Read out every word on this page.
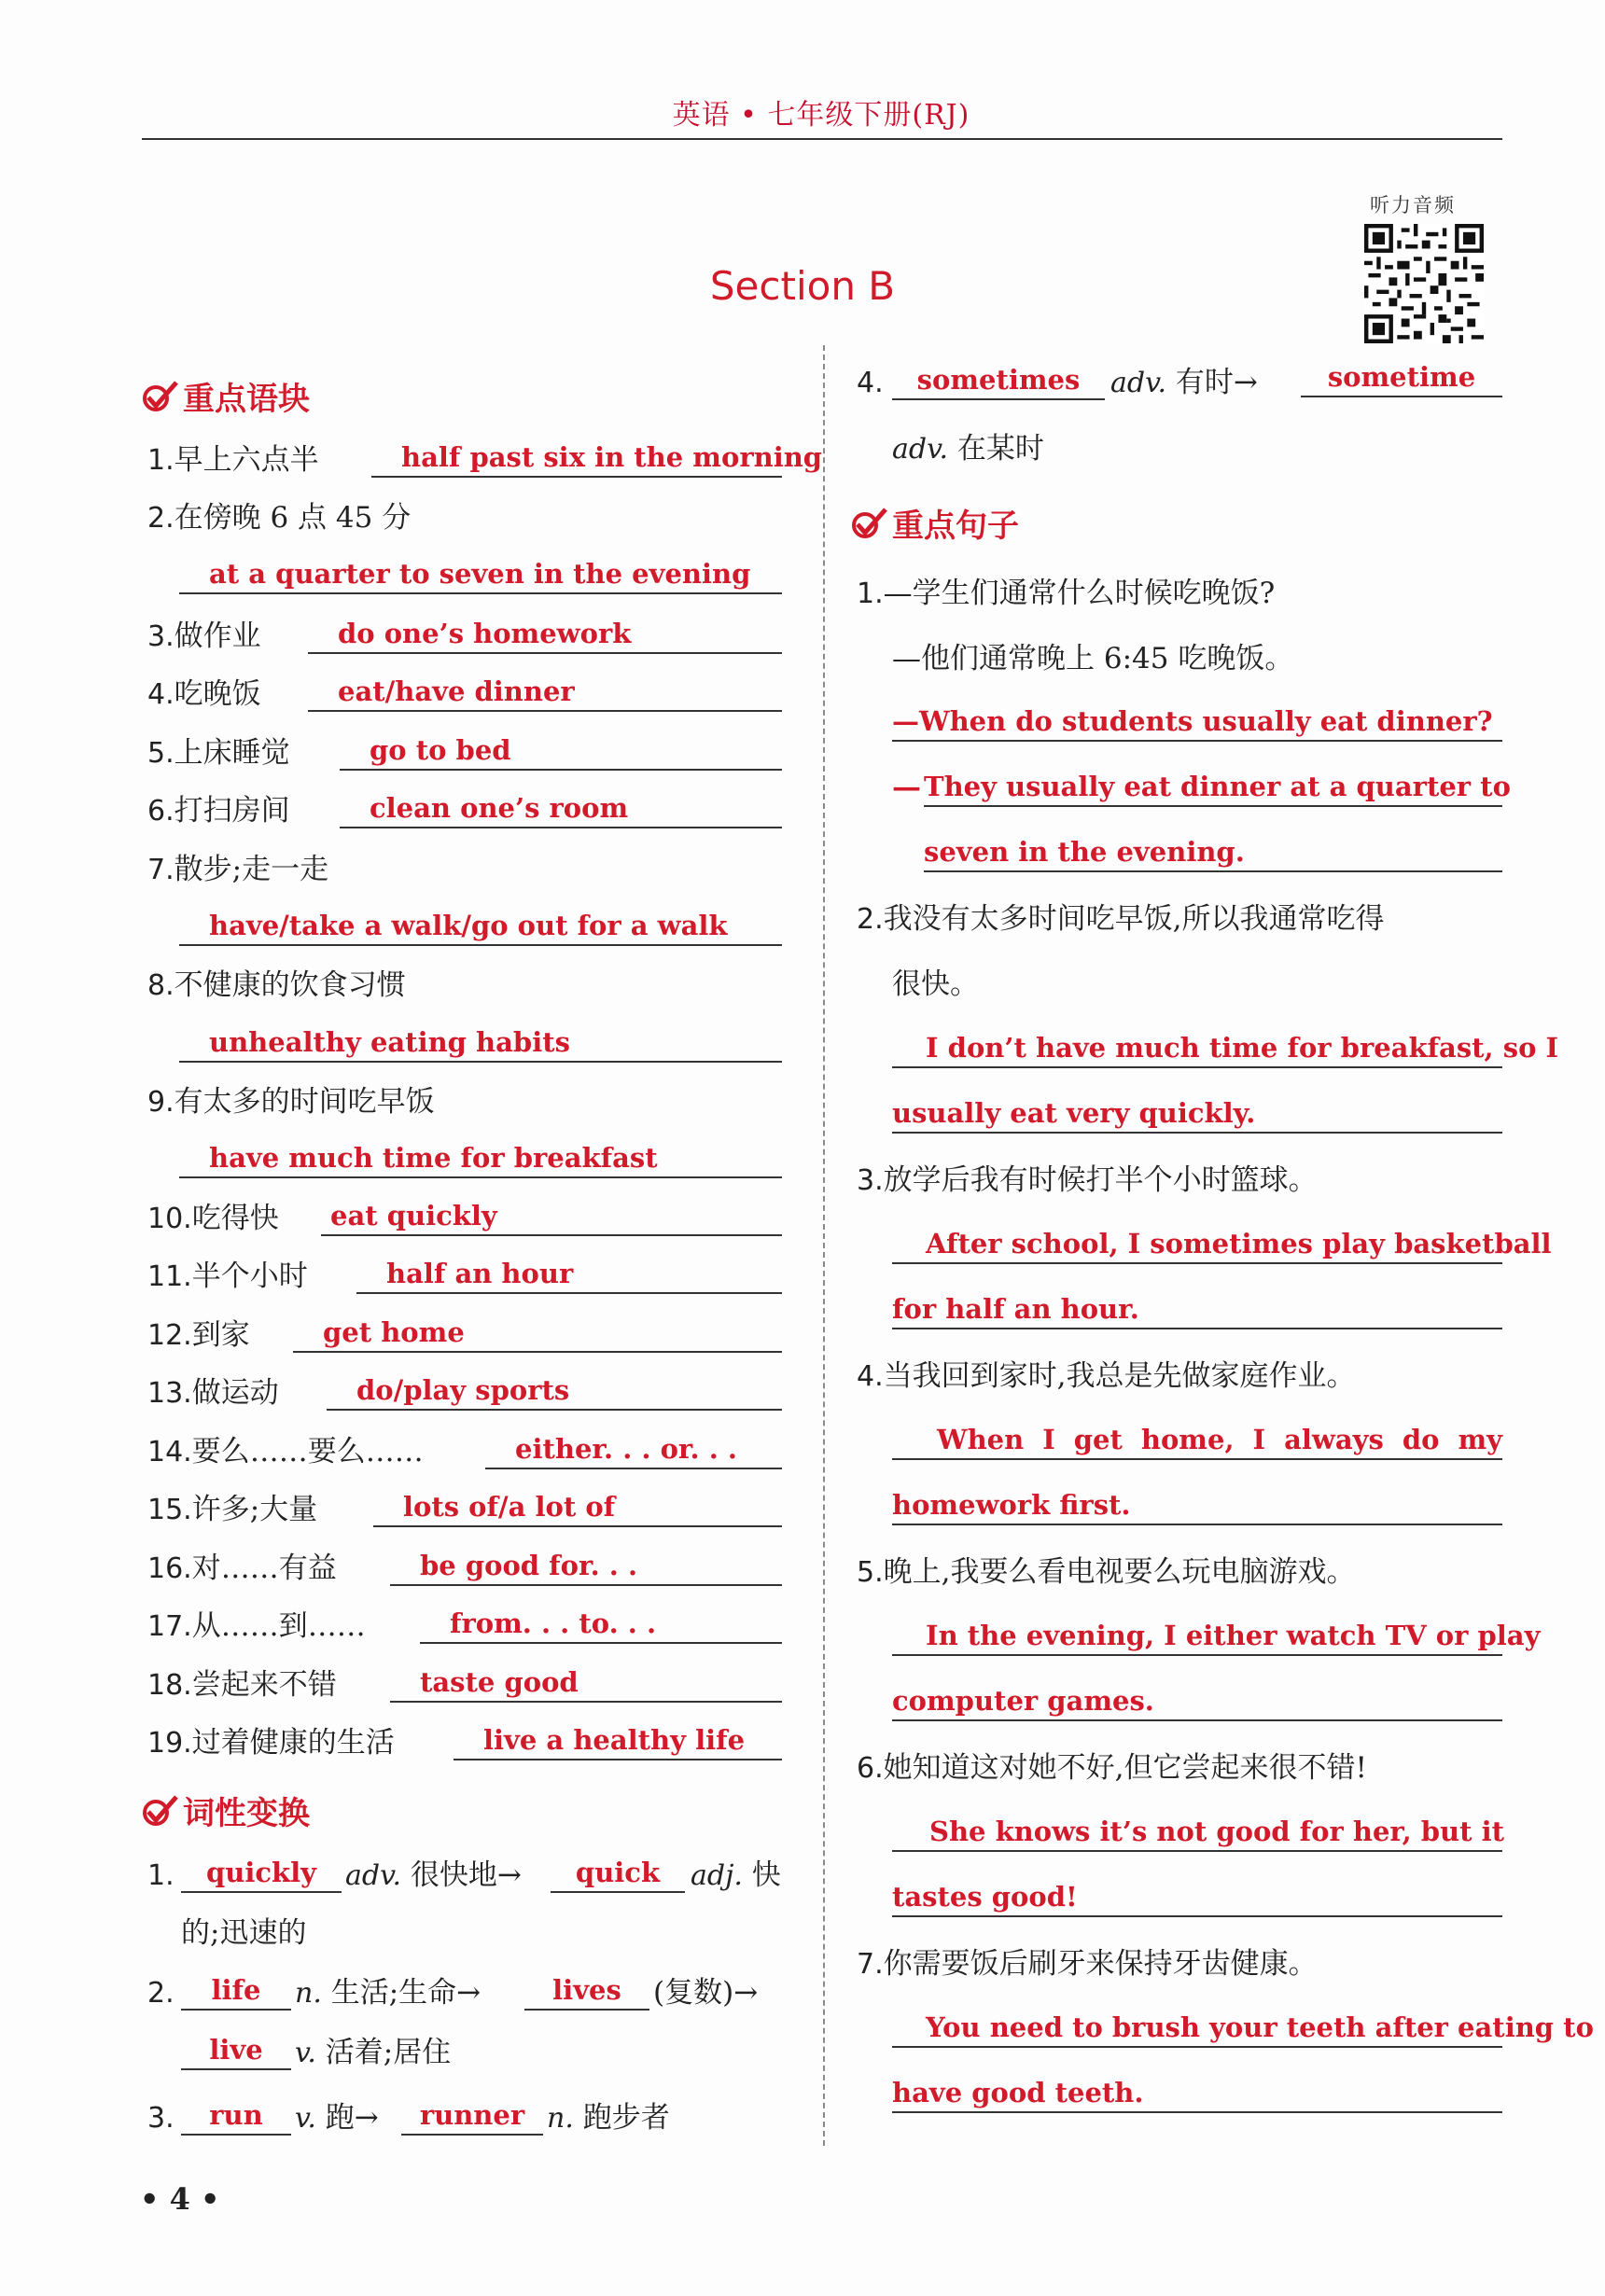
英语 • 七年级下册(RJ)
听力音频
Section B
重点语块
1.早上六点半	half past six in the morning
2.在傍晚 6 点 45 分
at a quarter to seven in the evening
3.做作业	do one’s homework
4.吃晚饭	eat/have dinner
5.上床睡觉	go to bed
6.打扫房间	clean one’s room
7.散步;走一走
have/take a walk/go out for a walk
8.不健康的饮食习惯
unhealthy eating habits
9.有太多的时间吃早饭
have much time for breakfast
10.吃得快	eat quickly
11.半个小时	half an hour
12.到家	get home
13.做运动	do/play sports
14.要么……要么……	either. . . or. . .
15.许多;大量	lots of/a lot of
16.对……有益	be good for. . .
17.从……到……	from. . . to. . .
18.尝起来不错	taste good
19.过着健康的生活	live a healthy life
词性变换
1.	quickly	adv. 很快地→	quick	adj. 快
的;迅速的
2.	life	n. 生活;生命→	lives	(复数)→
live	v. 活着;居住
3.	run	v. 跑→	runner n. 跑步者
4.	sometimes	adv. 有时→	sometime
adv. 在某时
重点句子
1.—学生们通常什么时候吃晚饭?
—他们通常晚上 6:45 吃晚饭。
—When do students usually eat dinner?
— They usually eat dinner at a quarter to
seven in the evening.
2.我没有太多时间吃早饭,所以我通常吃得
很快。
I don’t have much time for breakfast, so I
usually eat very quickly.
3.放学后我有时候打半个小时篮球。
After school, I sometimes play basketball
for half an hour.
4.当我回到家时,我总是先做家庭作业。
When I get home, I always do my
homework first.
5.晚上,我要么看电视要么玩电脑游戏。
In the evening, I either watch TV or play
computer games.
6.她知道这对她不好,但它尝起来很不错!
She knows it’s not good for her, but it
tastes good!
7.你需要饭后刷牙来保持牙齿健康。
You need to brush your teeth after eating to
have good teeth.
• 4 •
